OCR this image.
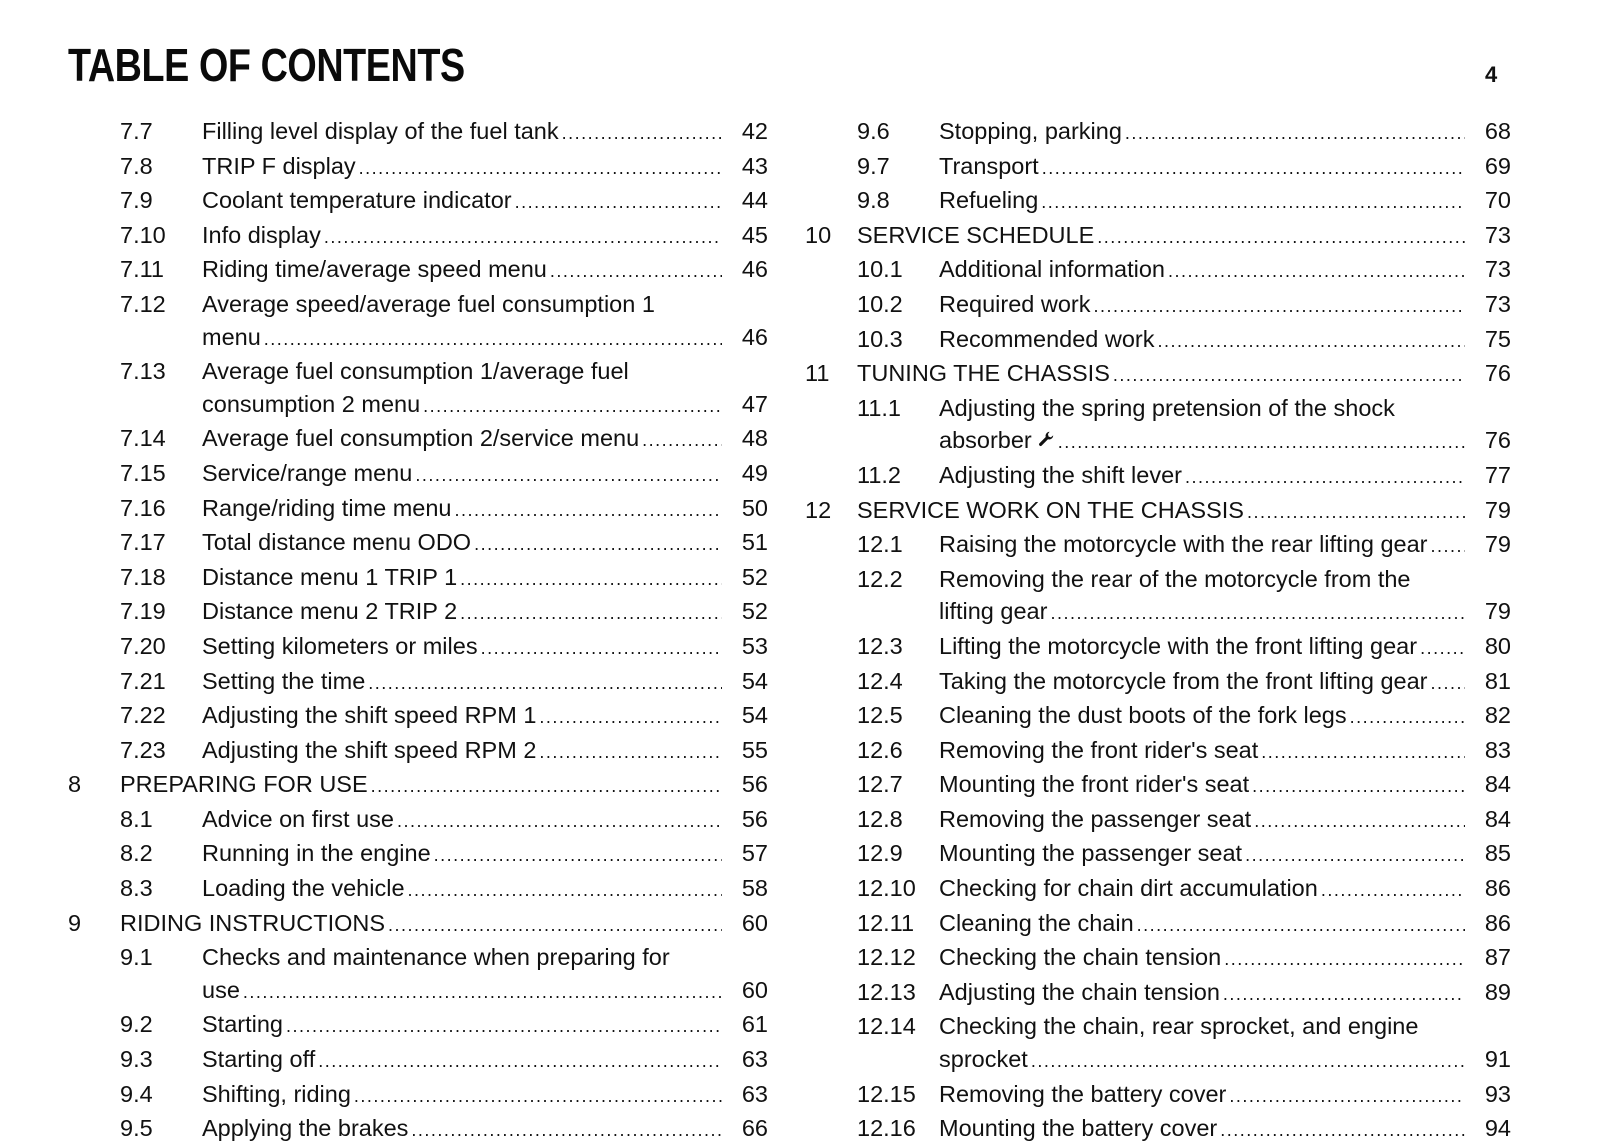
TABLE OF CONTENTS	4
7.7 Filling level display of the fuel tank .....	42
7.8 TRIP F display .....	43
7.9 Coolant temperature indicator .....	44
7.10 Info display .....	45
7.11 Riding time/average speed menu .....	46
7.12 Average speed/average fuel consumption 1
menu .....	46
7.13 Average fuel consumption 1/average fuel
consumption 2 menu .....	47
7.14 Average fuel consumption 2/service menu .....	48
7.15 Service/range menu .....	49
7.16 Range/riding time menu .....	50
7.17 Total distance menu ODO .....	51
7.18 Distance menu 1 TRIP 1 .....	52
7.19 Distance menu 2 TRIP 2 .....	52
7.20 Setting kilometers or miles .....	53
7.21 Setting the time .....	54
7.22 Adjusting the shift speed RPM 1 .....	54
7.23 Adjusting the shift speed RPM 2 .....	55
8 PREPARING FOR USE .....	56
8.1 Advice on first use .....	56
8.2 Running in the engine .....	57
8.3 Loading the vehicle .....	58
9 RIDING INSTRUCTIONS .....	60
9.1 Checks and maintenance when preparing for
use .....	60
9.2 Starting .....	61
9.3 Starting off .....	63
9.4 Shifting, riding .....	63
9.5 Applying the brakes .....	66
9.6 Stopping, parking .....	68
9.7 Transport .....	69
9.8 Refueling .....	70
10 SERVICE SCHEDULE .....	73
10.1 Additional information .....	73
10.2 Required work .....	73
10.3 Recommended work .....	75
11 TUNING THE CHASSIS .....	76
11.1 Adjusting the spring pretension of the shock
absorber .....	76
11.2 Adjusting the shift lever .....	77
12 SERVICE WORK ON THE CHASSIS .....	79
12.1 Raising the motorcycle with the rear lifting gear .....	79
12.2 Removing the rear of the motorcycle from the
lifting gear .....	79
12.3 Lifting the motorcycle with the front lifting gear .....	80
12.4 Taking the motorcycle from the front lifting gear .....	81
12.5 Cleaning the dust boots of the fork legs .....	82
12.6 Removing the front rider's seat .....	83
12.7 Mounting the front rider's seat .....	84
12.8 Removing the passenger seat .....	84
12.9 Mounting the passenger seat .....	85
12.10 Checking for chain dirt accumulation .....	86
12.11 Cleaning the chain .....	86
12.12 Checking the chain tension .....	87
12.13 Adjusting the chain tension .....	89
12.14 Checking the chain, rear sprocket, and engine
sprocket .....	91
12.15 Removing the battery cover .....	93
12.16 Mounting the battery cover .....	94
